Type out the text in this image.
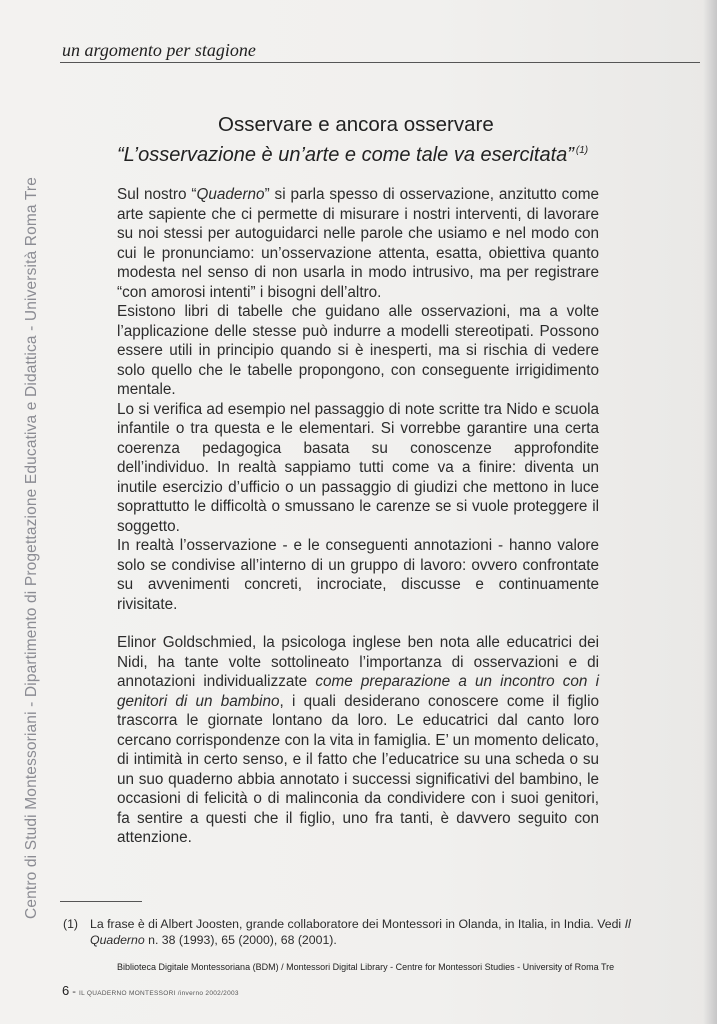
un argomento per stagione
Centro di Studi Montessoriani - Dipartimento di Progettazione Educativa e Didattica - Università Roma Tre
Osservare e ancora osservare
“L’osservazione è un’arte e come tale va esercitata” $^{(1)}$

Sul nostro “Quaderno” si parla spesso di osservazione, anzitutto come arte sapiente che ci permette di misurare i nostri interventi, di lavorare su noi stessi per autoguidarci nelle parole che usiamo e nel modo con cui le pronunciamo: un’osservazione attenta, esatta, obiettiva quanto modesta nel senso di non usarla in modo intrusivo, ma per registrare “con amorosi intenti” i bisogni dell’altro.

Esistono libri di tabelle che guidano alle osservazioni, ma a volte l’applicazione delle stesse può indurre a modelli stereotipati. Possono essere utili in principio quando si è inesperti, ma si rischia di vedere solo quello che le tabelle propongono, con conseguente irrigidimento mentale.

Lo si verifica ad esempio nel passaggio di note scritte tra Nido e scuola infantile o tra questa e le elementari. Si vorrebbe garantire una certa coerenza pedagogica basata su conoscenze approfondite dell’individuo. In realtà sappiamo tutti come va a finire: diventa un inutile esercizio d’ufficio o un passaggio di giudizi che mettono in luce soprattutto le difficoltà o smussano le carenze se si vuole proteggere il soggetto.

In realtà l’osservazione - e le conseguenti annotazioni - hanno valore solo se condivise all’interno di un gruppo di lavoro: ovvero confrontate su avvenimenti concreti, incrociate, discusse e continuamente rivisitate.

Elinor Goldschmied, la psicologa inglese ben nota alle educatrici dei Nidi, ha tante volte sottolineato l’importanza di osservazioni e di annotazioni individualizzate come preparazione a un incontro con i genitori di un bambino, i quali desiderano conoscere come il figlio trascorra le giornate lontano da loro. Le educatrici dal canto loro cercano corrispondenze con la vita in famiglia. E’ un momento delicato, di intimità in certo senso, e il fatto che l’educatrice su una scheda o su un suo quaderno abbia annotato i successi significativi del bambino, le occasioni di felicità o di malinconia da condividere con i suoi genitori, fa sentire a questi che il figlio, uno fra tanti, è davvero seguito con attenzione.

(1) La frase è di Albert Joosten, grande collaboratore dei Montessori in Olanda, in Italia, in India. Vedi Il Quaderno n. 38 (1993), 65 (2000), 68 (2001).
Biblioteca Digitale Montessoriana (BDM) / Montessori Digital Library - Centre for Montessori Studies - University of Roma Tre
6 - IL QUADERNO MONTESSORI /inverno 2002/2003
